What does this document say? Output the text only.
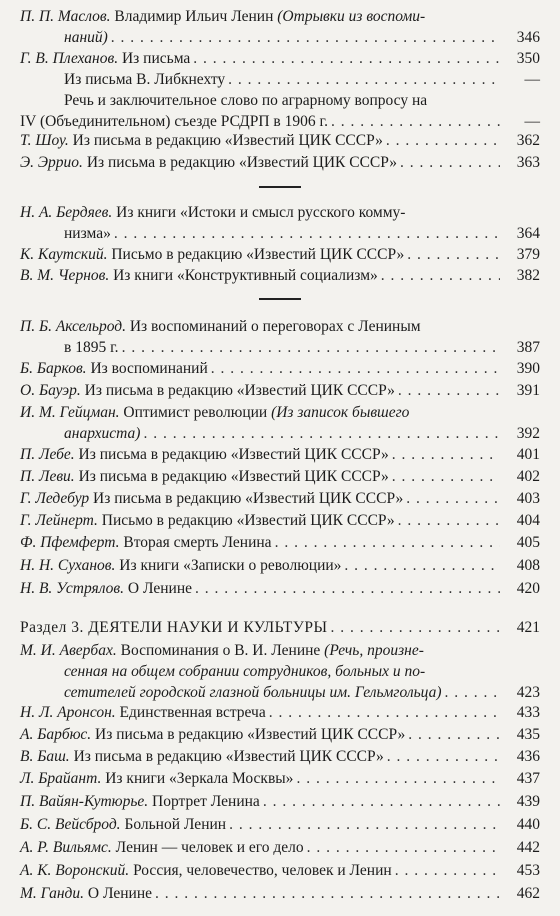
П. П. Маслов. Владимир Ильич Ленин (Отрывки из воспоми-
наний) . . .	346
Г. В. Плеханов. Из письма . . .	350
Из письма В. Либкнехту . . .	—
Речь и заключительное слово по аграрному вопросу на
IV (Объединительном) съезде РСДРП в 1906 г. . . .	—
Т. Шоу. Из письма в редакцию «Известий ЦИК СССР» . . .	362
Э. Эррио. Из письма в редакцию «Известий ЦИК СССР» . . .	363
Н. А. Бердяев. Из книги «Истоки и смысл русского комму-
низма» . . .	364
К. Каутский. Письмо в редакцию «Известий ЦИК СССР» . . .	379
В. М. Чернов. Из книги «Конструктивный социализм» . . .	382
П. Б. Аксельрод. Из воспоминаний о переговорах с Лениным
в 1895 г. . . .	387
Б. Барков. Из воспоминаний . . .	390
О. Бауэр. Из письма в редакцию «Известий ЦИК СССР» . . .	391
И. М. Гейцман. Оптимист революции (Из записок бывшего
анархиста) . . .	392
П. Лебе. Из письма в редакцию «Известий ЦИК СССР» . . .	401
П. Леви. Из письма в редакцию «Известий ЦИК СССР» . . .	402
Г. Ледебур Из письма в редакцию «Известий ЦИК СССР» . . .	403
Г. Лейнерт. Письмо в редакцию «Известий ЦИК СССР» . . .	404
Ф. Пфемферт. Вторая смерть Ленина . . .	405
Н. Н. Суханов. Из книги «Записки о революции» . . .	408
Н. В. Устрялов. О Ленине . . .	420
Раздел 3. ДЕЯТЕЛИ НАУКИ И КУЛЬТУРЫ . . .	421
М. И. Авербах. Воспоминания о В. И. Ленине (Речь, произне-
сенная на общем собрании сотрудников, больных и по-
сетителей городской глазной больницы им. Гельмгольца) . . .	423
Н. Л. Аронсон. Единственная встреча . . .	433
А. Барбюс. Из письма в редакцию «Известий ЦИК СССР» . . .	435
В. Баш. Из письма в редакцию «Известий ЦИК СССР» . . .	436
Л. Брайант. Из книги «Зеркала Москвы» . . .	437
П. Вайян-Кутюрье. Портрет Ленина . . .	439
Б. С. Вейсброд. Больной Ленин . . .	440
А. Р. Вильямс. Ленин — человек и его дело . . .	442
А. К. Воронский. Россия, человечество, человек и Ленин . . .	453
М. Ганди. О Ленине . . .	462
